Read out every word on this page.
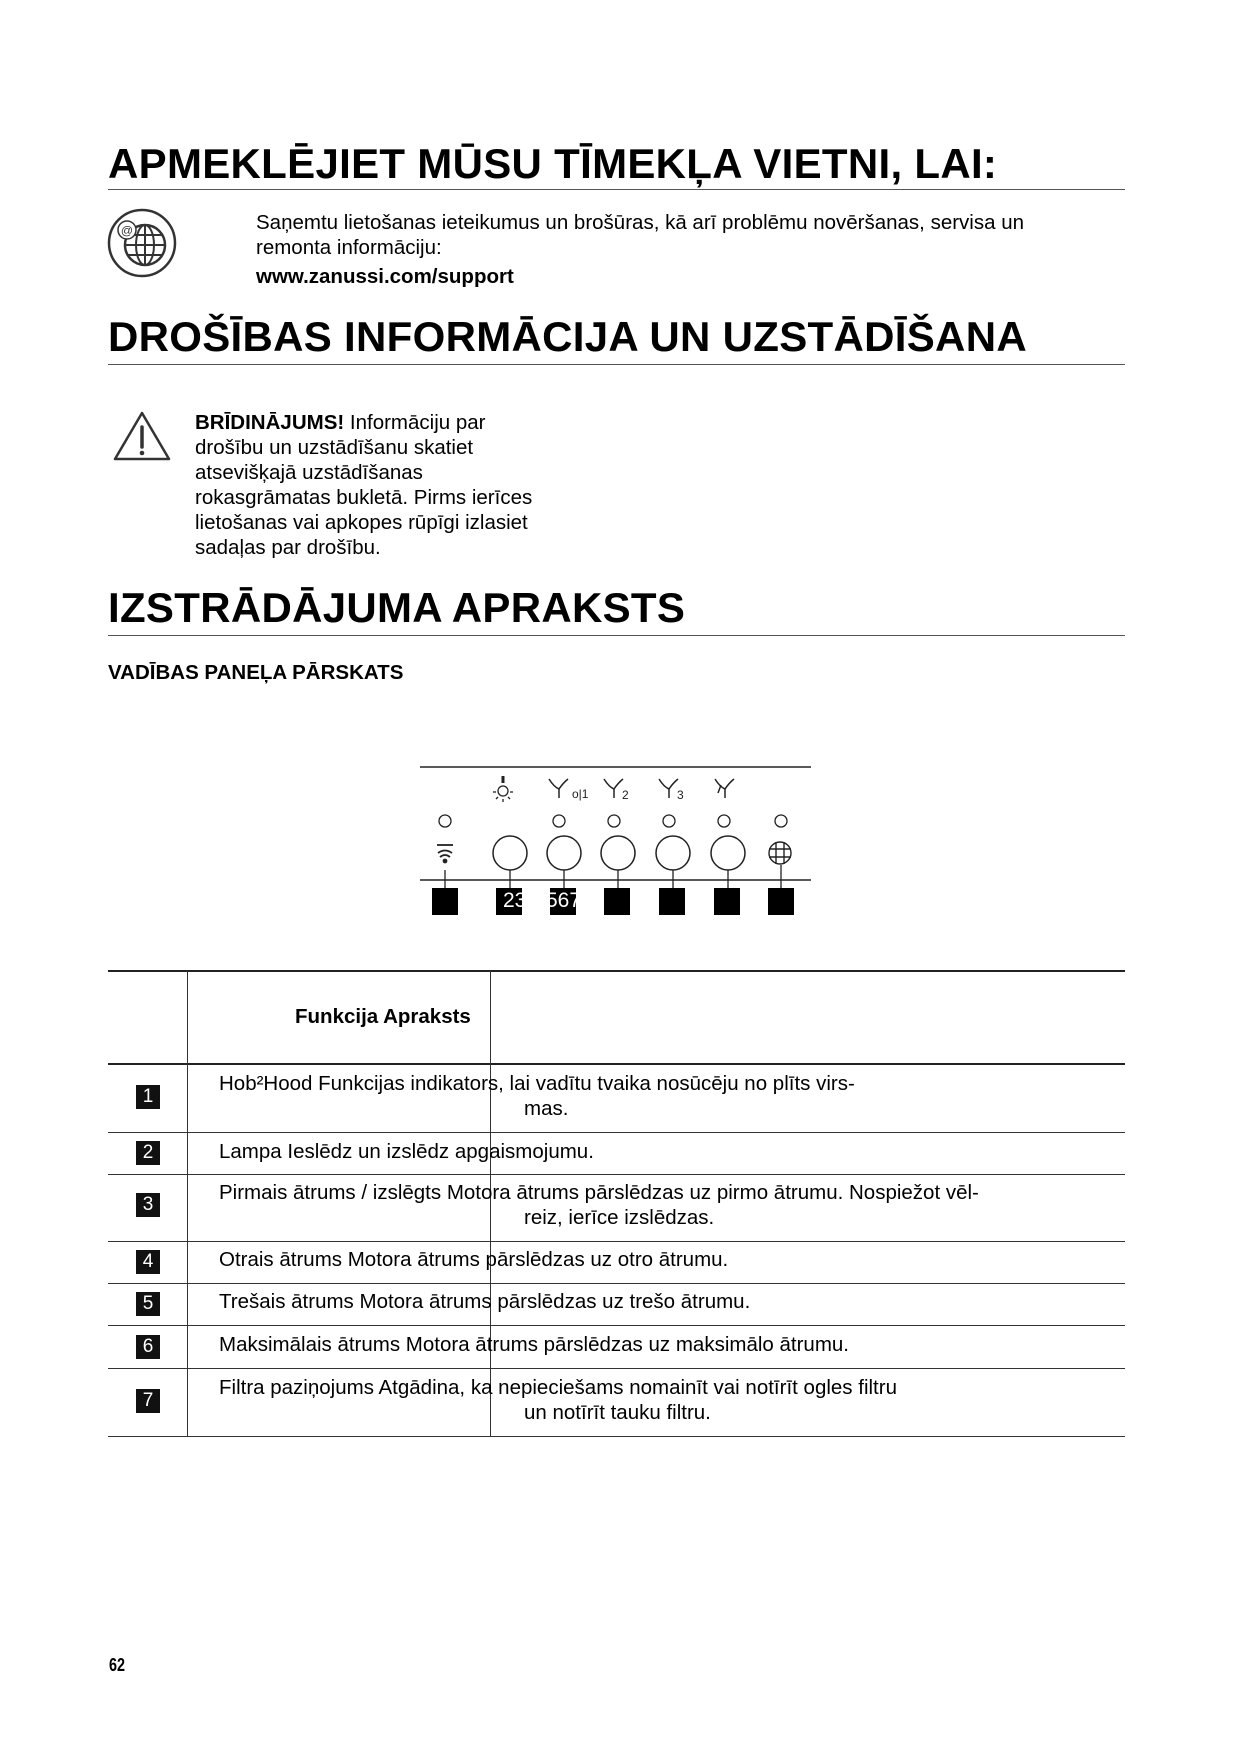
APMEKLĒJIET MŪSU TĪMEKĻA VIETNI, LAI:
@	Saņemtu lietošanas ieteikumus un brošūras, kā arī problēmu novēršanas, servisa un
remonta informāciju:
www.zanussi.com/support
DROŠĪBAS INFORMĀCIJA UN UZSTĀDĪŠANA
BRĪDINĀJUMS! Informāciju par
drošību un uzstādīšanu skatiet
atsevišķajā uzstādīšanas
rokasgrāmatas bukletā. Pirms ierīces
lietošanas vai apkopes rūpīgi izlasiet
sadaļas par drošību.
IZSTRĀDĀJUMA APRAKSTS
VADĪBAS PANEĻA PĀRSKATS
o|1	2	3
23 567
Funkcija Apraksts
1
Hob²Hood Funkcijas indikators, lai vadītu tvaika nosūcēju no plīts virs-
mas.
2	Lampa Ieslēdz un izslēdz apgaismojumu.
3
Pirmais ātrums / izslēgts Motora ātrums pārslēdzas uz pirmo ātrumu. Nospiežot vēl-
reiz, ierīce izslēdzas.
4	Otrais ātrums Motora ātrums pārslēdzas uz otro ātrumu.
5	Trešais ātrums Motora ātrums pārslēdzas uz trešo ātrumu.
6	Maksimālais ātrums Motora ātrums pārslēdzas uz maksimālo ātrumu.
7
Filtra paziņojums Atgādina, ka nepieciešams nomainīt vai notīrīt ogles filtru
un notīrīt tauku filtru.
62
